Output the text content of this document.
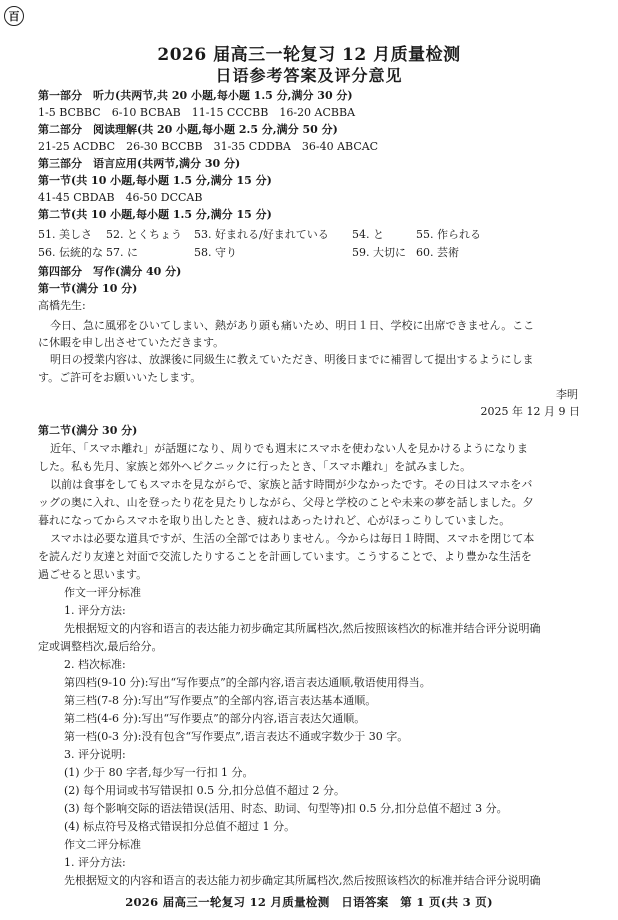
百
2026 届高三一轮复习 12 月质量检测
日语参考答案及评分意见
第一部分　听力(共两节,共 20 小题,每小题 1.5 分,满分 30 分)
1-5 BCBBC　6-10 BCBAB　11-15 CCCBB　16-20 ACBBA
第二部分　阅读理解(共 20 小题,每小题 2.5 分,满分 50 分)
21-25 ACDBC　26-30 BCCBB　31-35 CDDBA　36-40 ABCAC
第三部分　语言应用(共两节,满分 30 分)
第一节(共 10 小题,每小题 1.5 分,满分 15 分)
41-45 CBDAB　46-50 DCCAB
第二节(共 10 小题,每小题 1.5 分,满分 15 分)
51. 美しさ	52. とくちょう	53. 好まれる/好まれている	54. と	55. 作られる
56. 伝統的な 57. に	58. 守り	59. 大切に 60. 芸術
第四部分　写作(满分 40 分)
第一节(满分 10 分)
高橋先生:
今日、急に風邪をひいてしまい、熱があり頭も痛いため、明日１日、学校に出席できません。ここ
に休暇を申し出させていただきます。
明日の授業内容は、放課後に同級生に教えていただき、明後日までに補習して提出するようにしま
す。ご許可をお願いいたします。
李明
2025 年 12 月 9 日
第二节(满分 30 分)
近年、「スマホ離れ」が話題になり、周りでも週末にスマホを使わない人を見かけるようになりま
した。私も先月、家族と郊外へピクニックに行ったとき、「スマホ離れ」を試みました。
以前は食事をしてもスマホを見ながらで、家族と話す時間が少なかったです。その日はスマホをバ
ッグの奥に入れ、山を登ったり花を見たりしながら、父母と学校のことや未来の夢を話しました。夕
暮れになってからスマホを取り出したとき、疲れはあったけれど、心がほっこりしていました。
スマホは必要な道具ですが、生活の全部ではありません。今からは毎日１時間、スマホを閉じて本
を読んだり友達と対面で交流したりすることを計画しています。こうすることで、より豊かな生活を
過ごせると思います。
作文一评分标准
1. 评分方法:
先根据短文的内容和语言的表达能力初步确定其所属档次,然后按照该档次的标准并结合评分说明确
定或调整档次,最后给分。
2. 档次标准:
第四档(9-10 分):写出“写作要点”的全部内容,语言表达通顺,敬语使用得当。
第三档(7-8 分):写出“写作要点”的全部内容,语言表达基本通顺。
第二档(4-6 分):写出“写作要点”的部分内容,语言表达欠通顺。
第一档(0-3 分):没有包含“写作要点”,语言表达不通或字数少于 30 字。
3. 评分说明:
(1) 少于 80 字者,每少写一行扣 1 分。
(2) 每个用词或书写错误扣 0.5 分,扣分总值不超过 2 分。
(3) 每个影响交际的语法错误(活用、时态、助词、句型等)扣 0.5 分,扣分总值不超过 3 分。
(4) 标点符号及格式错误扣分总值不超过 1 分。
作文二评分标准
1. 评分方法:
先根据短文的内容和语言的表达能力初步确定其所属档次,然后按照该档次的标准并结合评分说明确
2026 届高三一轮复习 12 月质量检测　日语答案　第 1 页(共 3 页)
